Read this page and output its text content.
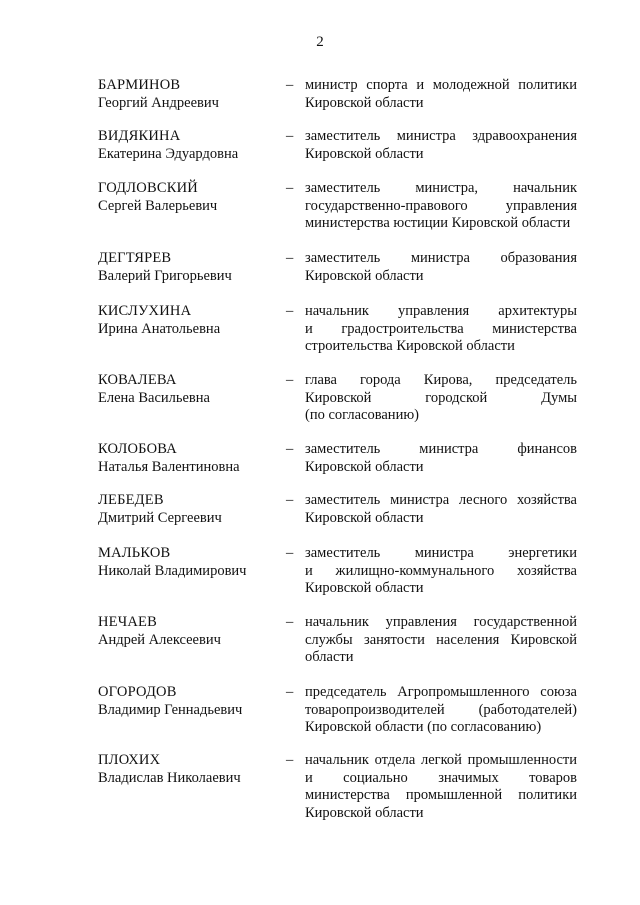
2
БАРМИНОВ
Георгий Андреевич
– министр спорта и молодежной политики
Кировской области
ВИДЯКИНА
Екатерина Эдуардовна
– заместитель министра здравоохранения
Кировской области
ГОДЛОВСКИЙ
Сергей Валерьевич
– заместитель министра, начальник
государственно-правового управления
министерства юстиции Кировской области
ДЕГТЯРЕВ
Валерий Григорьевич
– заместитель министра образования
Кировской области
КИСЛУХИНА
Ирина Анатольевна
– начальник управления архитектуры
и градостроительства министерства
строительства Кировской области
КОВАЛЕВА
Елена Васильевна
– глава города Кирова, председатель
Кировской городской Думы
(по согласованию)
КОЛОБОВА
Наталья Валентиновна
– заместитель министра финансов
Кировской области
ЛЕБЕДЕВ
Дмитрий Сергеевич
– заместитель министра лесного хозяйства
Кировской области
МАЛЬКОВ
Николай Владимирович
– заместитель министра энергетики
и жилищно-коммунального хозяйства
Кировской области
НЕЧАЕВ
Андрей Алексеевич
– начальник управления государственной
службы занятости населения Кировской
области
ОГОРОДОВ
Владимир Геннадьевич
– председатель Агропромышленного союза
товаропроизводителей (работодателей)
Кировской области (по согласованию)
ПЛОХИХ
Владислав Николаевич
– начальник отдела легкой промышленности
и социально значимых товаров
министерства промышленной политики
Кировской области
